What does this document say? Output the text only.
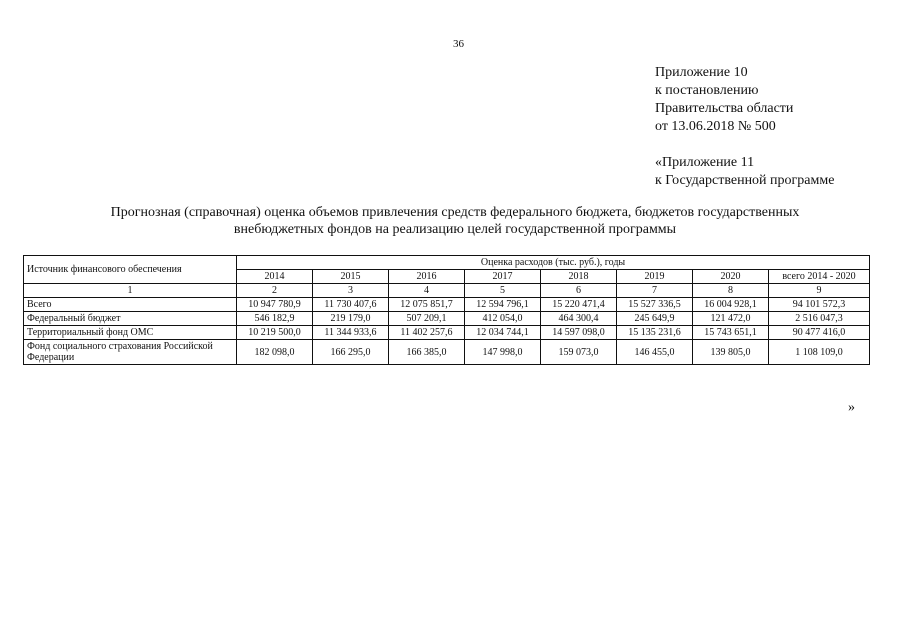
36
Приложение 10
к постановлению
Правительства области
от 13.06.2018 № 500
«Приложение 11
к Государственной программе
Прогнозная (справочная) оценка объемов привлечения средств федерального бюджета, бюджетов государственных
внебюджетных фондов на реализацию целей государственной программы
Источник финансового обеспечения	Оценка расходов (тыс. руб.), годы							
	2014	2015	2016	2017	2018	2019	2020	всего 2014 - 2020
1	2	3	4	5	6	7	8	9
Всего	10 947 780,9	11 730 407,6	12 075 851,7	12 594 796,1	15 220 471,4	15 527 336,5	16 004 928,1	94 101 572,3
Федеральный бюджет	546 182,9	219 179,0	507 209,1	412 054,0	464 300,4	245 649,9	121 472,0	2 516 047,3
Территориальный фонд ОМС	10 219 500,0	11 344 933,6	11 402 257,6	12 034 744,1	14 597 098,0	15 135 231,6	15 743 651,1	90 477 416,0
Фонд социального страхования Российской Федерации	182 098,0	166 295,0	166 385,0	147 998,0	159 073,0	146 455,0	139 805,0	1 108 109,0
»
